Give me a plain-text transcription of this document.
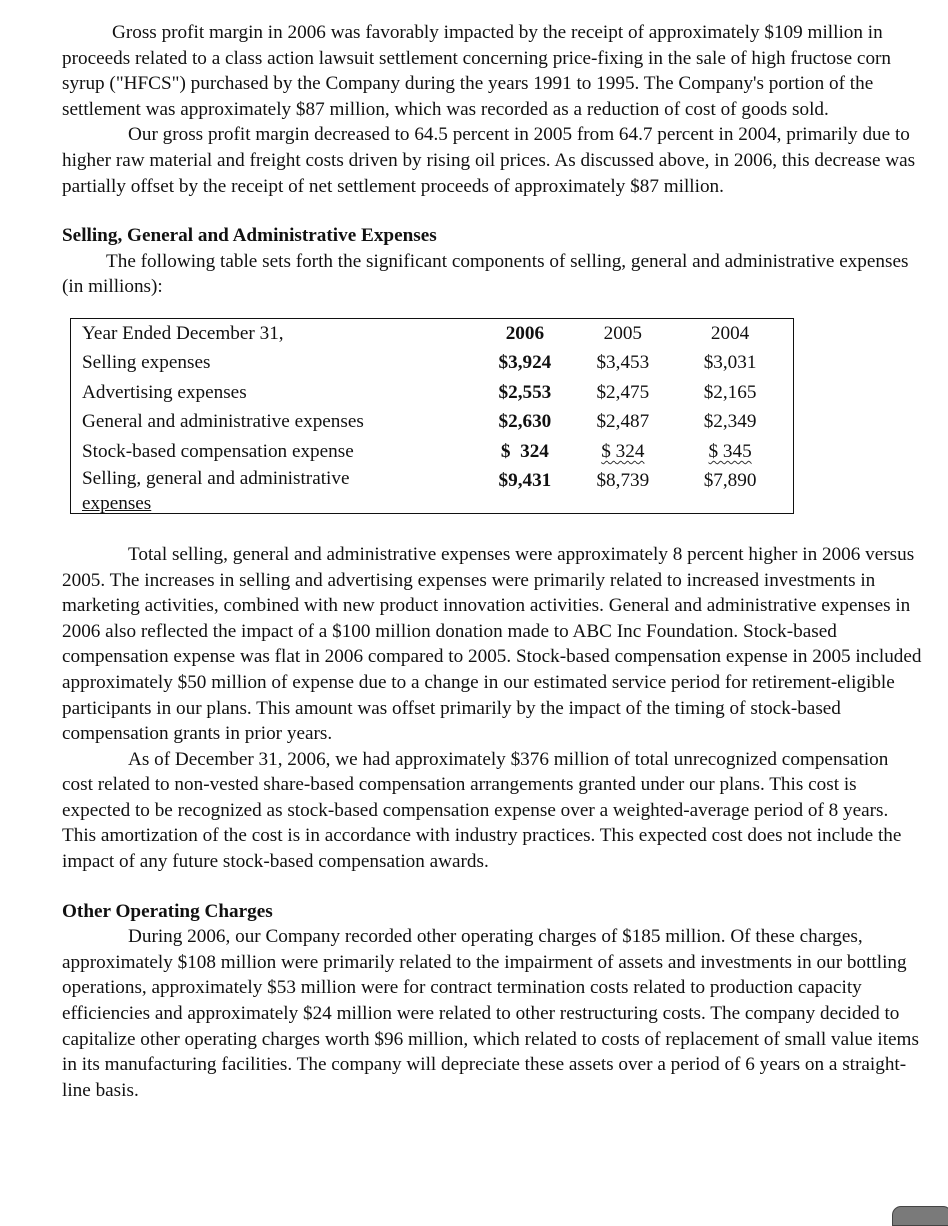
Gross profit margin in 2006 was favorably impacted by the receipt of approximately $109 million in proceeds related to a class action lawsuit settlement concerning price-fixing in the sale of high fructose corn syrup ("HFCS") purchased by the Company during the years 1991 to 1995. The Company's portion of the settlement was approximately $87 million, which was recorded as a reduction of cost of goods sold.

Our gross profit margin decreased to 64.5 percent in 2005 from 64.7 percent in 2004, primarily due to higher raw material and freight costs driven by rising oil prices. As discussed above, in 2006, this decrease was partially offset by the receipt of net settlement proceeds of approximately $87 million.

Selling, General and Administrative Expenses

The following table sets forth the significant components of selling, general and administrative expenses (in millions):

Year Ended December 31,	2006	2005	2004
Selling expenses	$3,924	$3,453	$3,031
Advertising expenses	$2,553	$2,475	$2,165
General and administrative expenses	$2,630	$2,487	$2,349
Stock-based compensation expense	$  324	$ 324	$ 345
Selling, general and administrative
expenses	$9,431	$8,739	$7,890

Total selling, general and administrative expenses were approximately 8 percent higher in 2006 versus 2005. The increases in selling and advertising expenses were primarily related to increased investments in marketing activities, combined with new product innovation activities. General and administrative expenses in 2006 also reflected the impact of a $100 million donation made to ABC Inc Foundation. Stock-based compensation expense was flat in 2006 compared to 2005. Stock-based compensation expense in 2005 included approximately $50 million of expense due to a change in our estimated service period for retirement-eligible participants in our plans. This amount was offset primarily by the impact of the timing of stock-based compensation grants in prior years.

As of December 31, 2006, we had approximately $376 million of total unrecognized compensation cost related to non-vested share-based compensation arrangements granted under our plans. This cost is expected to be recognized as stock-based compensation expense over a weighted-average period of 8 years. This amortization of the cost is in accordance with industry practices. This expected cost does not include the impact of any future stock-based compensation awards.

Other Operating Charges

During 2006, our Company recorded other operating charges of $185 million. Of these charges, approximately $108 million were primarily related to the impairment of assets and investments in our bottling operations, approximately $53 million were for contract termination costs related to production capacity efficiencies and approximately $24 million were related to other restructuring costs. The company decided to capitalize other operating charges worth $96 million, which related to costs of replacement of small value items in its manufacturing facilities. The company will depreciate these assets over a period of 6 years on a straight-line basis.
